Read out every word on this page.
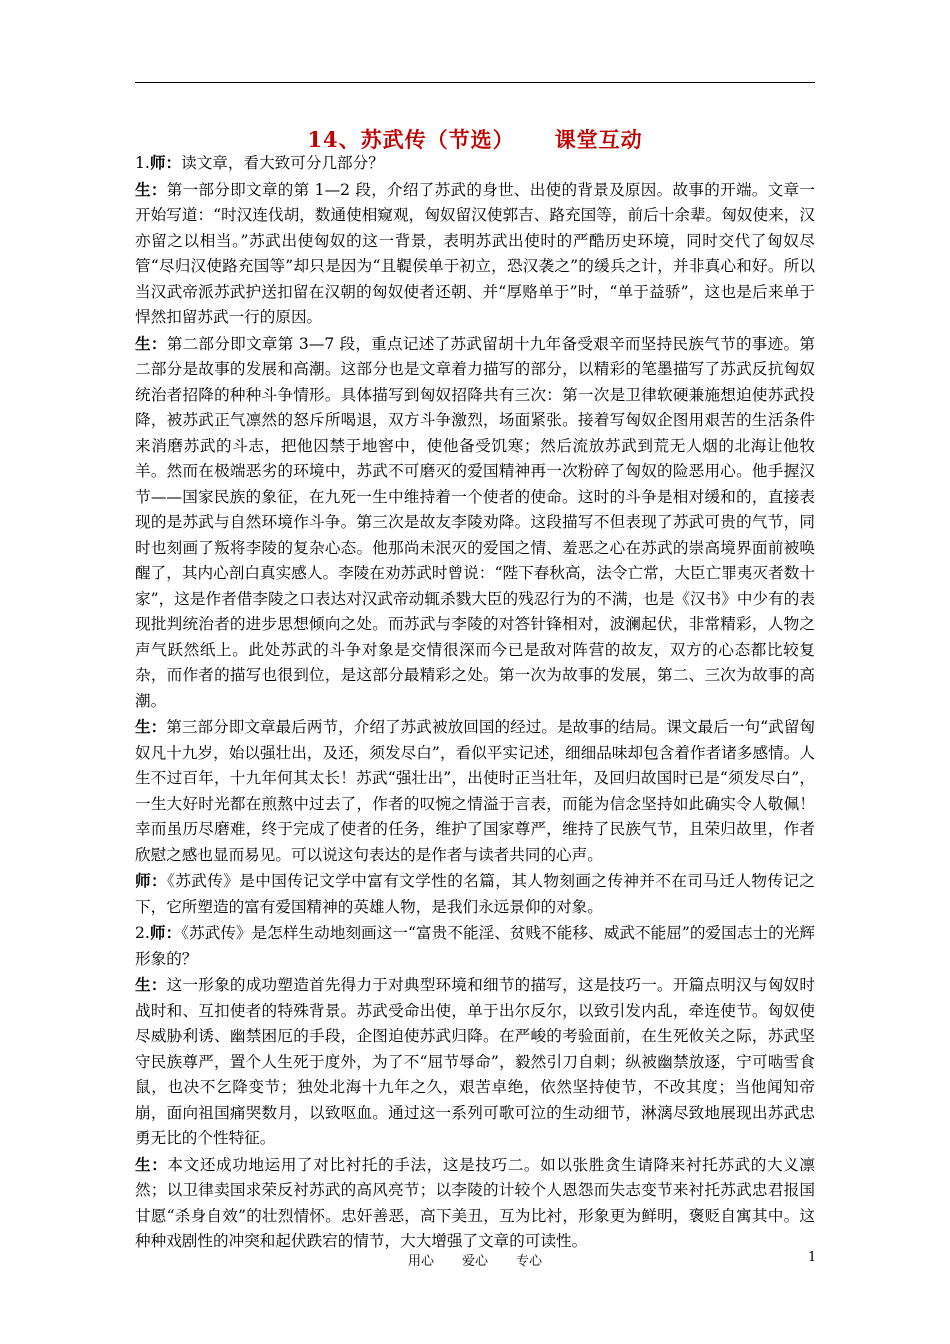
14、苏武传（节选） 课堂互动

1.师：读文章，看大致可分几部分？

生：第一部分即文章的第 1—2 段，介绍了苏武的身世、出使的背景及原因。故事的开端。文章一开始写道：“时汉连伐胡，数通使相窥观，匈奴留汉使郭吉、路充国等，前后十余辈。匈奴使来，汉亦留之以相当。”苏武出使匈奴的这一背景，表明苏武出使时的严酷历史环境，同时交代了匈奴尽管“尽归汉使路充国等”却只是因为“且鞮侯单于初立，恐汉袭之”的缓兵之计，并非真心和好。所以当汉武帝派苏武护送扣留在汉朝的匈奴使者还朝、并“厚赂单于”时，“单于益骄”，这也是后来单于悍然扣留苏武一行的原因。

生：第二部分即文章第 3—7 段，重点记述了苏武留胡十九年备受艰辛而坚持民族气节的事迹。第二部分是故事的发展和高潮。这部分也是文章着力描写的部分，以精彩的笔墨描写了苏武反抗匈奴统治者招降的种种斗争情形。具体描写到匈奴招降共有三次：第一次是卫律软硬兼施想迫使苏武投降，被苏武正气凛然的怒斥所喝退，双方斗争激烈，场面紧张。接着写匈奴企图用艰苦的生活条件来消磨苏武的斗志，把他囚禁于地窖中，使他备受饥寒；然后流放苏武到荒无人烟的北海让他牧羊。然而在极端恶劣的环境中，苏武不可磨灭的爱国精神再一次粉碎了匈奴的险恶用心。他手握汉节——国家民族的象征，在九死一生中维持着一个使者的使命。这时的斗争是相对缓和的，直接表现的是苏武与自然环境作斗争。第三次是故友李陵劝降。这段描写不但表现了苏武可贵的气节，同时也刻画了叛将李陵的复杂心态。他那尚未泯灭的爱国之情、羞恶之心在苏武的崇高境界面前被唤醒了，其内心剖白真实感人。李陵在劝苏武时曾说：“陛下春秋高，法令亡常，大臣亡罪夷灭者数十家”，这是作者借李陵之口表达对汉武帝动辄杀戮大臣的残忍行为的不满，也是《汉书》中少有的表现批判统治者的进步思想倾向之处。而苏武与李陵的对答针锋相对，波澜起伏，非常精彩，人物之声气跃然纸上。此处苏武的斗争对象是交情很深而今已是敌对阵营的故友，双方的心态都比较复杂，而作者的描写也很到位，是这部分最精彩之处。第一次为故事的发展，第二、三次为故事的高潮。

生：第三部分即文章最后两节，介绍了苏武被放回国的经过。是故事的结局。课文最后一句“武留匈奴凡十九岁，始以强壮出，及还，须发尽白”，看似平实记述，细细品味却包含着作者诸多感情。人生不过百年，十九年何其太长！苏武“强壮出”，出使时正当壮年，及回归故国时已是“须发尽白”，一生大好时光都在煎熬中过去了，作者的叹惋之情溢于言表，而能为信念坚持如此确实令人敬佩！幸而虽历尽磨难，终于完成了使者的任务，维护了国家尊严，维持了民族气节，且荣归故里，作者欣慰之感也显而易见。可以说这句表达的是作者与读者共同的心声。

师：《苏武传》是中国传记文学中富有文学性的名篇，其人物刻画之传神并不在司马迁人物传记之下，它所塑造的富有爱国精神的英雄人物，是我们永远景仰的对象。

2.师：《苏武传》是怎样生动地刻画这一“富贵不能淫、贫贱不能移、威武不能屈”的爱国志士的光辉形象的？

生：这一形象的成功塑造首先得力于对典型环境和细节的描写，这是技巧一。开篇点明汉与匈奴时战时和、互扣使者的特殊背景。苏武受命出使，单于出尔反尔，以致引发内乱，牵连使节。匈奴使尽威胁利诱、幽禁困厄的手段，企图迫使苏武归降。在严峻的考验面前，在生死攸关之际，苏武坚守民族尊严，置个人生死于度外，为了不“屈节辱命”，毅然引刀自刺；纵被幽禁放逐，宁可啮雪食鼠，也决不乞降变节；独处北海十九年之久，艰苦卓绝，依然坚持使节，不改其度；当他闻知帝崩，面向祖国痛哭数月，以致呕血。通过这一系列可歌可泣的生动细节，淋漓尽致地展现出苏武忠勇无比的个性特征。

生：本文还成功地运用了对比衬托的手法，这是技巧二。如以张胜贪生请降来衬托苏武的大义凛然；以卫律卖国求荣反衬苏武的高风亮节；以李陵的计较个人恩怨而失志变节来衬托苏武忠君报国甘愿“杀身自效”的壮烈情怀。忠奸善恶，高下美丑，互为比衬，形象更为鲜明，褒贬自寓其中。这种种戏剧性的冲突和起伏跌宕的情节，大大增强了文章的可读性。

用心 爱心 专心	1
